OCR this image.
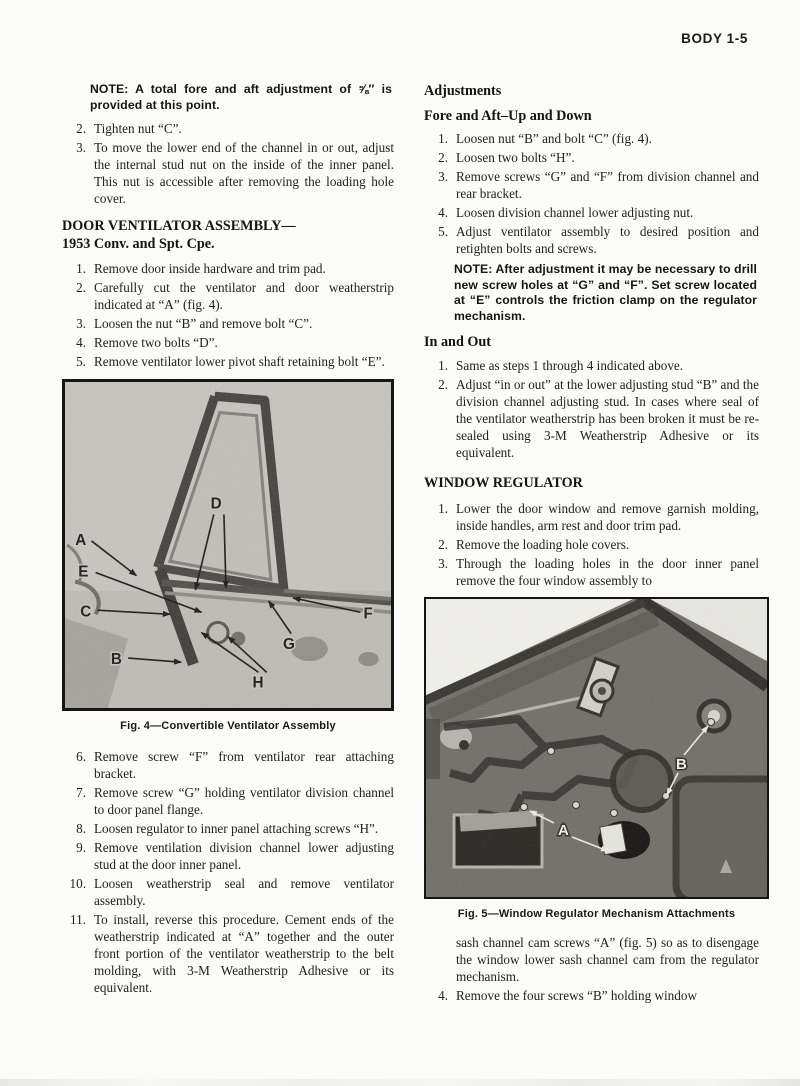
BODY 1-5

NOTE: A total fore and aft adjustment of ⅝″ is provided at this point.

2. Tighten nut “C”.
3. To move the lower end of the channel in or out, adjust the internal stud nut on the inside of the inner panel. This nut is accessible after removing the loading hole cover.

DOOR VENTILATOR ASSEMBLY—

1953 Conv. and Spt. Cpe.

1. Remove door inside hardware and trim pad.
2. Carefully cut the ventilator and door weatherstrip indicated at “A” (fig. 4).
3. Loosen the nut “B” and remove bolt “C”.
4. Remove two bolts “D”.
5. Remove ventilator lower pivot shaft retaining bolt “E”.
A
B
C
D
E
F
G
H

Fig. 4—Convertible Ventilator Assembly

6. Remove screw “F” from ventilator rear attaching bracket.
7. Remove screw “G” holding ventilator division channel to door panel flange.
8. Loosen regulator to inner panel attaching screws “H”.
9. Remove ventilation division channel lower adjusting stud at the door inner panel.
10. Loosen weatherstrip seal and remove ventilator assembly.
11. To install, reverse this procedure. Cement ends of the weatherstrip indicated at “A” together and the outer front portion of the ventilator weatherstrip to the belt molding, with 3-M Weatherstrip Adhesive or its equivalent.

Adjustments

Fore and Aft–Up and Down

1. Loosen nut “B” and bolt “C” (fig. 4).
2. Loosen two bolts “H”.
3. Remove screws “G” and “F” from division channel and rear bracket.
4. Loosen division channel lower adjusting nut.
5. Adjust ventilator assembly to desired position and retighten bolts and screws.

NOTE: After adjustment it may be necessary to drill new screw holes at “G” and “F”. Set screw located at “E” controls the friction clamp on the regulator mechanism.

In and Out

1. Same as steps 1 through 4 indicated above.
2. Adjust “in or out” at the lower adjusting stud “B” and the division channel adjusting stud. In cases where seal of the ventilator weatherstrip has been broken it must be re-sealed using 3-M Weatherstrip Adhesive or its equivalent.

WINDOW REGULATOR

1. Lower the door window and remove garnish molding, inside handles, arm rest and door trim pad.
2. Remove the loading hole covers.
3. Through the loading holes in the door inner panel remove the four window assembly to
A
B

Fig. 5—Window Regulator Mechanism Attachments

sash channel cam screws “A” (fig. 5) so as to disengage the window lower sash channel cam from the regulator mechanism.

4. Remove the four screws “B” holding window
